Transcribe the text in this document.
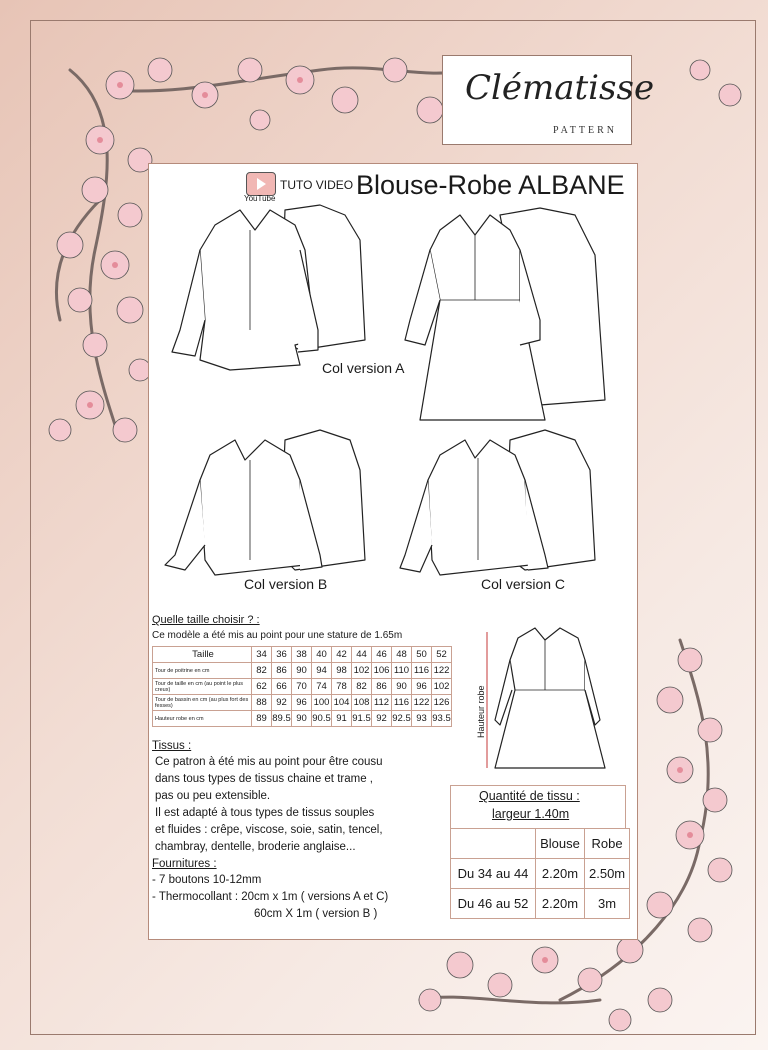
Clématisse
PATTERN
YouTube
TUTO VIDEO Blouse-Robe ALBANE
Col version A
Col version B	Col version C
Quelle taille choisir ? :
Ce modèle a été mis au point pour une stature de 1.65m
Taille	34	36	38	40	42	44	46	48	50	52
Tour de poitrine en cm	82	86	90	94	98	102	106	110	116	122
Tour de taille en cm (au point le plus creux)	62	66	70	74	78	82	86	90	96	102
Tour de bassin en cm (au plus fort des fesses)	88	92	96	100	104	108	112	116	122	126
Hauteur robe en cm	89	89.5	90	90.5	91	91.5	92	92.5	93	93.5	Hauteur robe
Tissus :
Ce patron à été mis au point pour être cousu
dans tous types de tissus chaine et trame ,
pas ou peu extensible.
Il est adapté à tous types de tissus souples
et fluides : crêpe, viscose, soie, satin, tencel,
chambray, dentelle, broderie anglaise...
Fournitures :
- 7 boutons 10-12mm
- Thermocollant : 20cm x 1m ( versions A et C)
60cm X 1m ( version B )
Quantité de tissu :
largeur 1.40m
	Blouse	Robe
Du 34 au 44	2.20m	2.50m
Du 46 au 52	2.20m	3m
